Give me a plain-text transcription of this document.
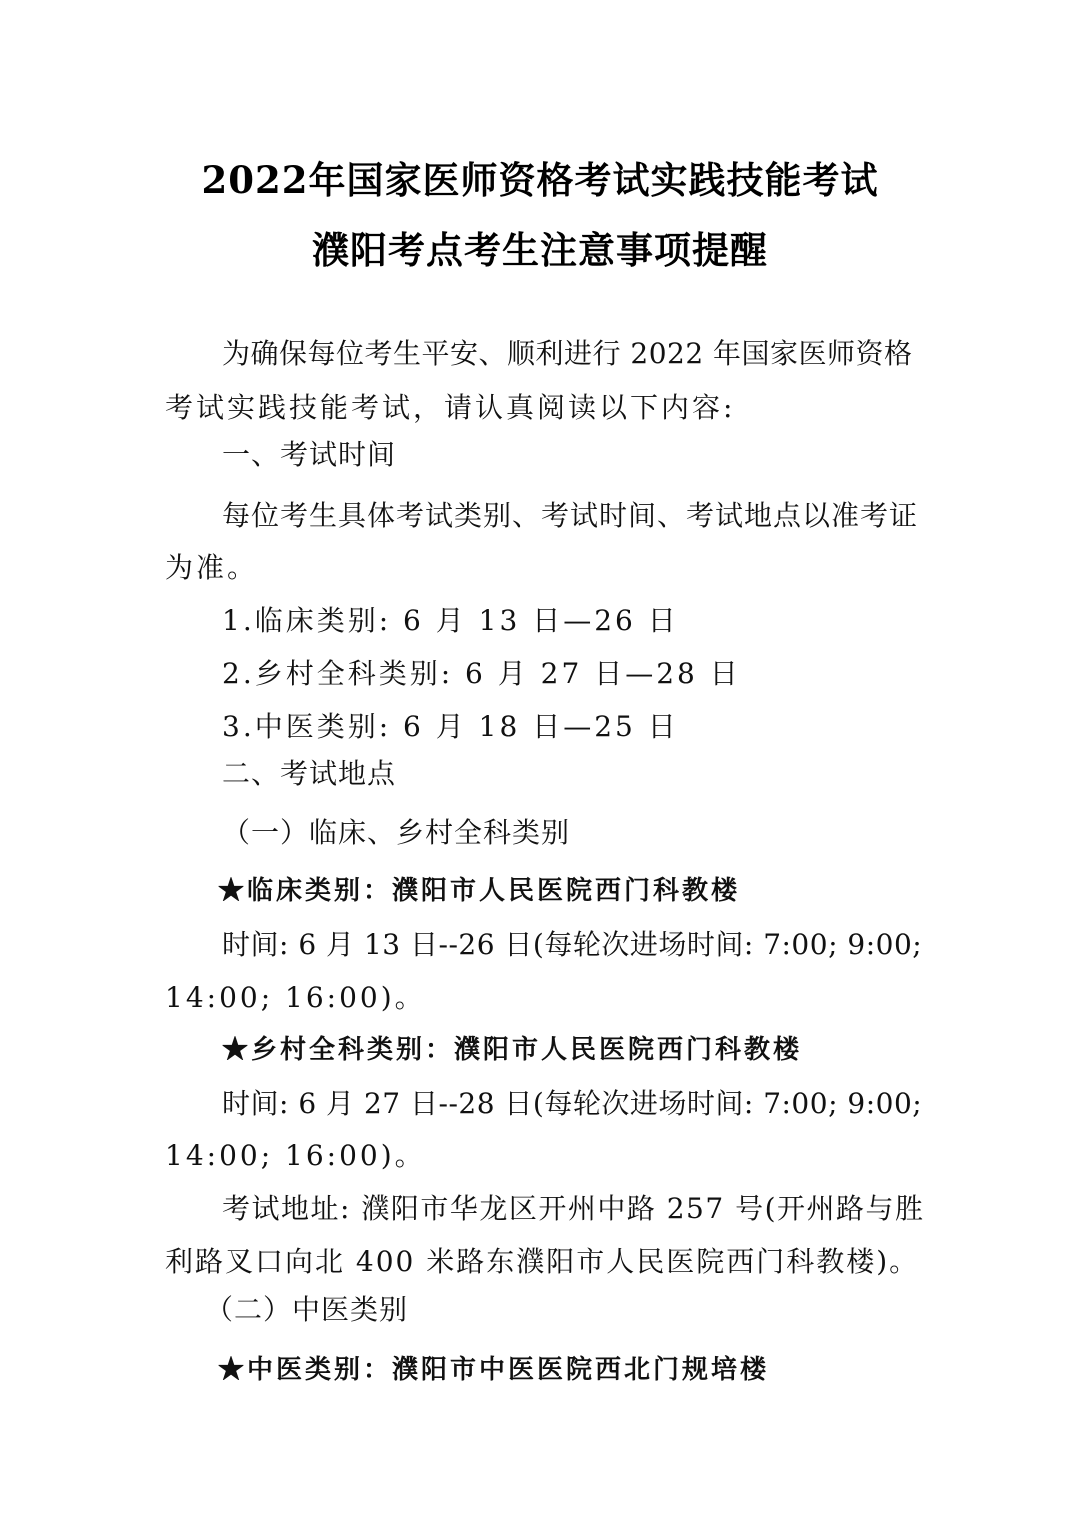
2022年国家医师资格考试实践技能考试
濮阳考点考生注意事项提醒
为确保每位考生平安、顺利进行 2022 年国家医师资格
考试实践技能考试，请认真阅读以下内容:
一、考试时间
每位考生具体考试类别、考试时间、考试地点以准考证
为准。
1.临床类别: 6 月 13 日—26 日
2.乡村全科类别: 6 月 27 日—28 日
3.中医类别: 6 月 18 日—25 日
二、考试地点
（一）临床、乡村全科类别
★临床类别：濮阳市人民医院西门科教楼
时间: 6 月 13 日--26 日(每轮次进场时间: 7:00; 9:00;
14:00; 16:00)。
★乡村全科类别：濮阳市人民医院西门科教楼
时间: 6 月 27 日--28 日(每轮次进场时间: 7:00; 9:00;
14:00; 16:00)。
考试地址: 濮阳市华龙区开州中路 257 号(开州路与胜
利路叉口向北 400 米路东濮阳市人民医院西门科教楼)。
（二）中医类别
★中医类别：濮阳市中医医院西北门规培楼
